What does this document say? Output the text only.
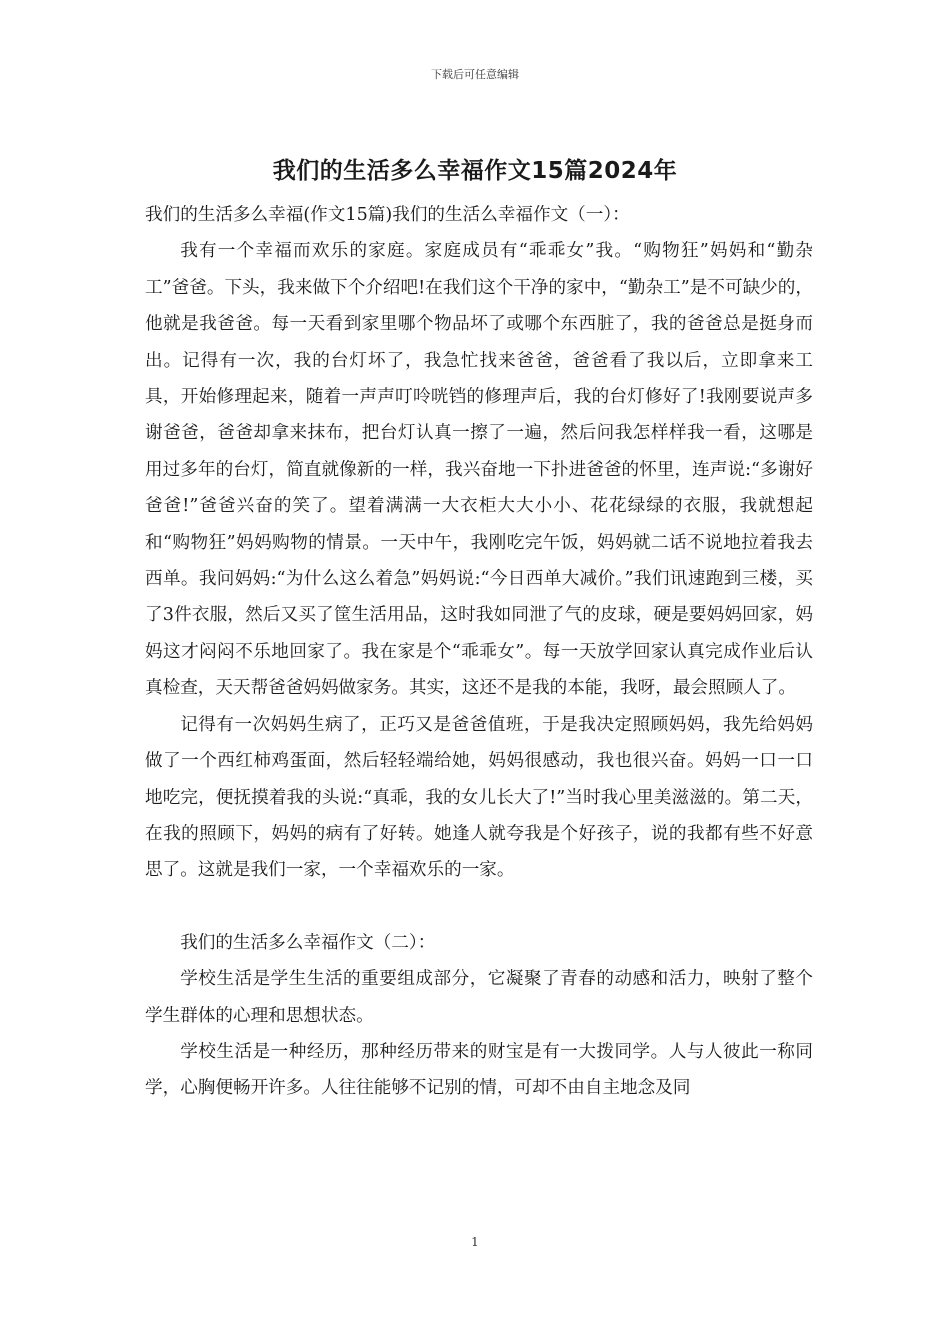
下载后可任意编辑
我们的生活多么幸福作文15篇2024年

我们的生活多么幸福(作文15篇)我们的生活么幸福作文（一）：

我有一个幸福而欢乐的家庭。家庭成员有“乖乖女”我。“购物狂”妈妈和“勤杂工”爸爸。下头，我来做下个介绍吧!在我们这个干净的家中，“勤杂工”是不可缺少的，他就是我爸爸。每一天看到家里哪个物品坏了或哪个东西脏了，我的爸爸总是挺身而出。记得有一次，我的台灯坏了，我急忙找来爸爸，爸爸看了我以后，立即拿来工具，开始修理起来，随着一声声叮呤咣铛的修理声后，我的台灯修好了!我刚要说声多谢爸爸，爸爸却拿来抹布，把台灯认真一擦了一遍，然后问我怎样样我一看，这哪是用过多年的台灯，简直就像新的一样，我兴奋地一下扑进爸爸的怀里，连声说:“多谢好爸爸!”爸爸兴奋的笑了。望着满满一大衣柜大大小小、花花绿绿的衣服，我就想起和“购物狂”妈妈购物的情景。一天中午，我刚吃完午饭，妈妈就二话不说地拉着我去西单。我问妈妈:“为什么这么着急”妈妈说:“今日西单大减价。”我们讯速跑到三楼，买了3件衣服，然后又买了筐生活用品，这时我如同泄了气的皮球，硬是要妈妈回家，妈妈这才闷闷不乐地回家了。我在家是个“乖乖女”。每一天放学回家认真完成作业后认真检查，天天帮爸爸妈妈做家务。其实，这还不是我的本能，我呀，最会照顾人了。

记得有一次妈妈生病了，正巧又是爸爸值班，于是我决定照顾妈妈，我先给妈妈做了一个西红柿鸡蛋面，然后轻轻端给她，妈妈很感动，我也很兴奋。妈妈一口一口地吃完，便抚摸着我的头说:“真乖，我的女儿长大了!”当时我心里美滋滋的。第二天，在我的照顾下，妈妈的病有了好转。她逢人就夸我是个好孩子，说的我都有些不好意思了。这就是我们一家，一个幸福欢乐的一家。

我们的生活多么幸福作文（二）：

学校生活是学生生活的重要组成部分，它凝聚了青春的动感和活力，映射了整个学生群体的心理和思想状态。

学校生活是一种经历，那种经历带来的财宝是有一大拨同学。人与人彼此一称同学，心胸便畅开许多。人往往能够不记别的情，可却不由自主地念及同

1
